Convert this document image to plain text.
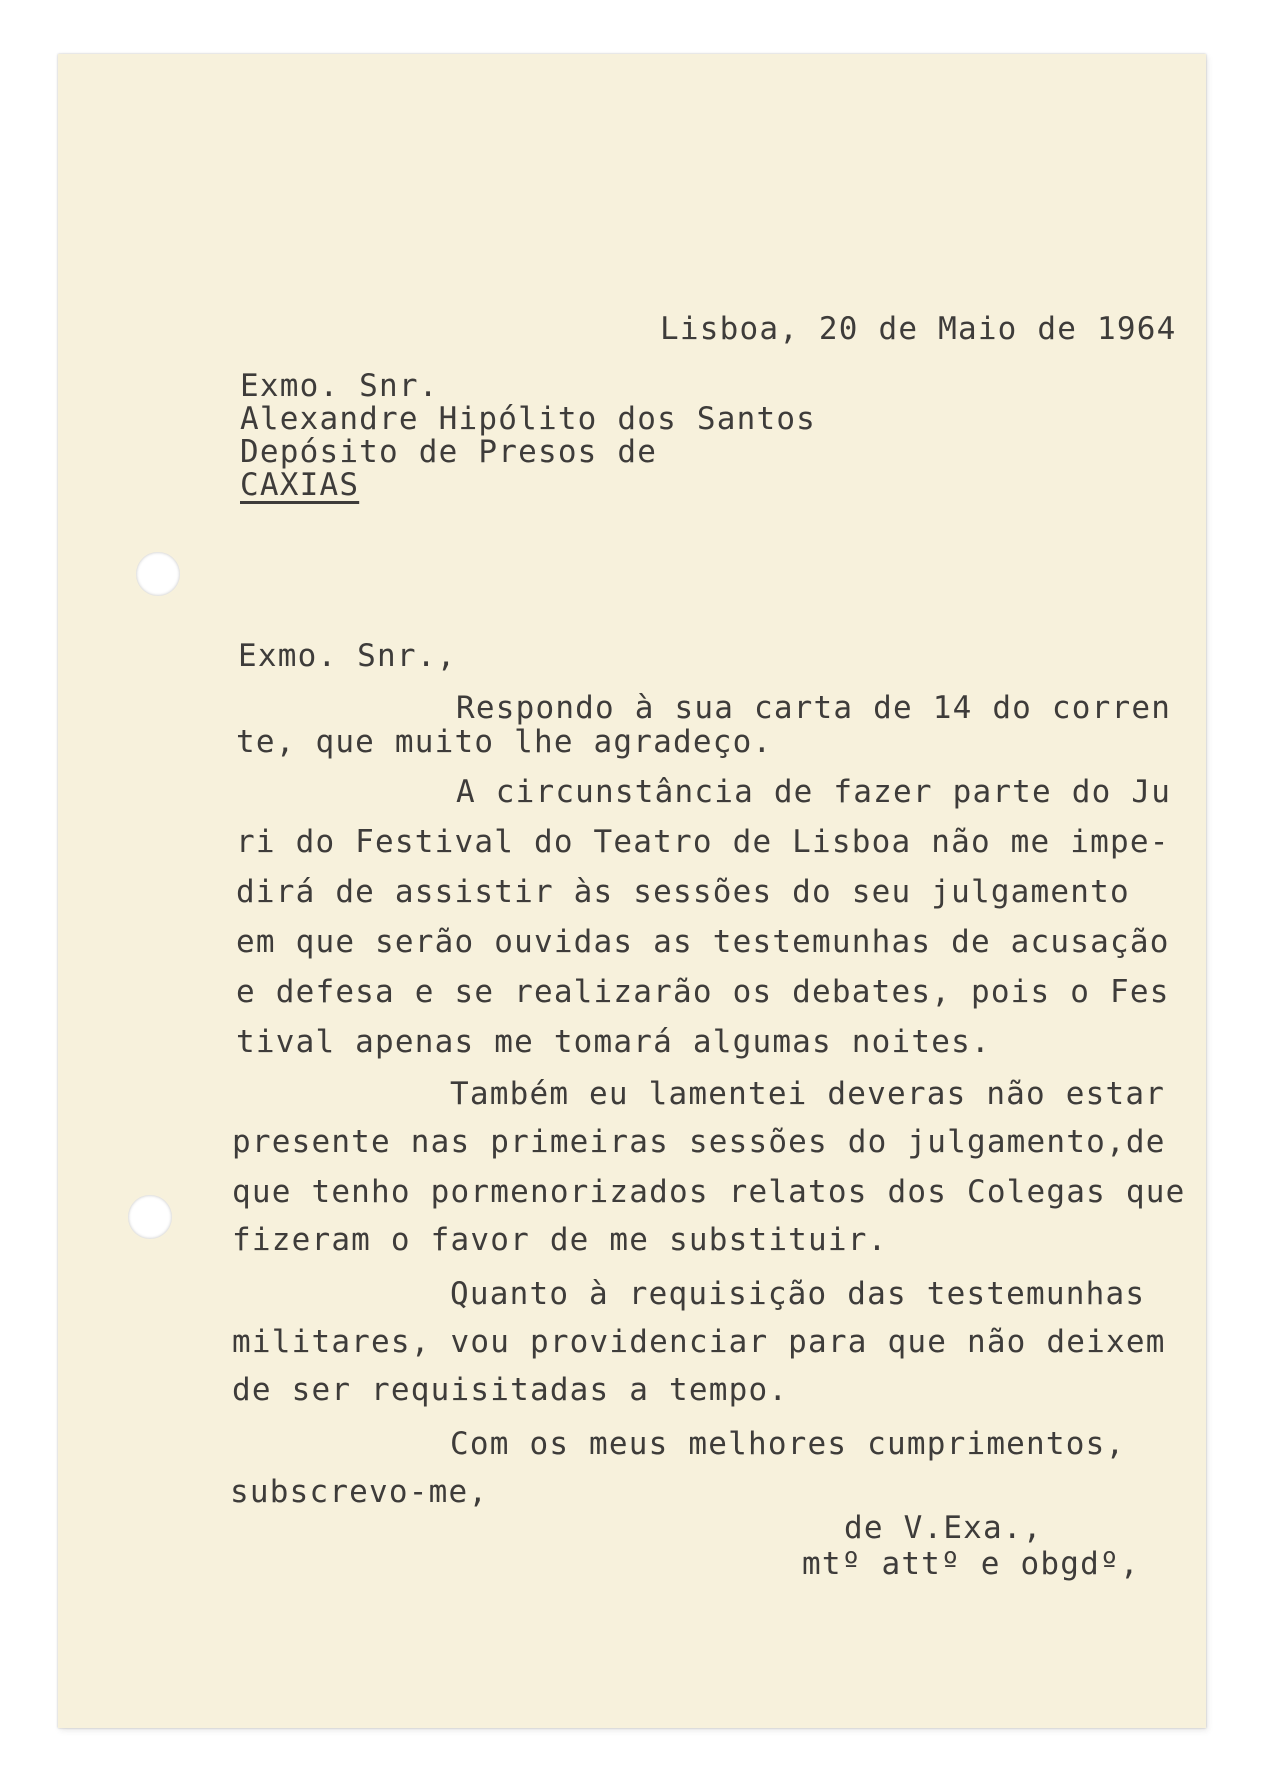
Lisboa, 20 de Maio de 1964

Exmo. Snr.

Alexandre Hipólito dos Santos

Depósito de Presos de

CAXIAS

Exmo. Snr.,

Respondo à sua carta de 14 do corren

te, que muito lhe agradeço.

A circunstância de fazer parte do Ju

ri do Festival do Teatro de Lisboa não me impe-

dirá de assistir às sessões do seu julgamento

em que serão ouvidas as testemunhas de acusação

e defesa e se realizarão os debates, pois o Fes

tival apenas me tomará algumas noites.

Também eu lamentei deveras não estar

presente nas primeiras sessões do julgamento,de

que tenho pormenorizados relatos dos Colegas que

fizeram o favor de me substituir.

Quanto à requisição das testemunhas

militares, vou providenciar para que não deixem

de ser requisitadas a tempo.

Com os meus melhores cumprimentos,

subscrevo-me,

de V.Exa.,

mtº attº e obgdº,
